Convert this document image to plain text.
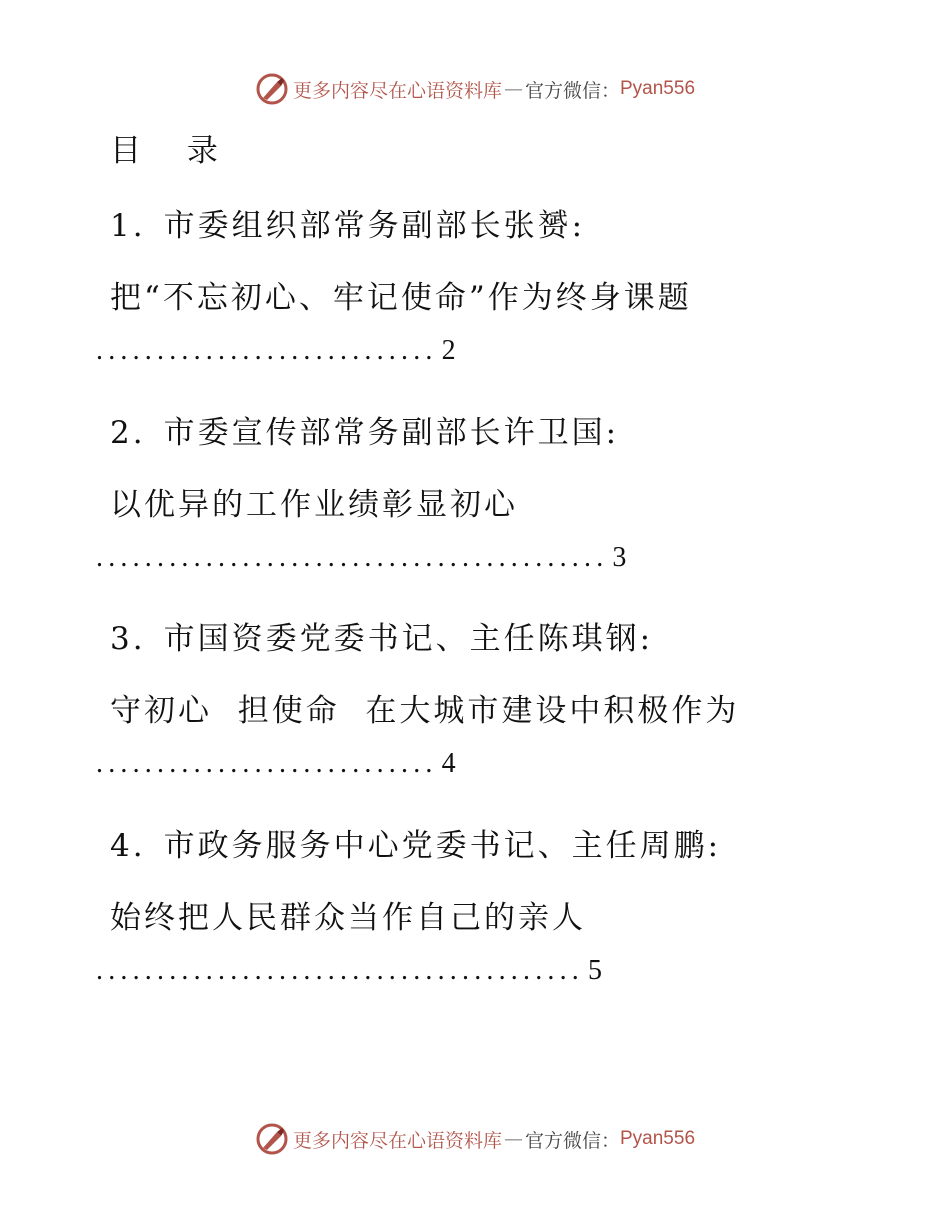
更多内容尽在心语资料库 — 官方微信： Pyan556
目 录
1. 市委组织部常务副部长张赟:
把“不忘初心、牢记使命”作为终身课题
............................ 2
2. 市委宣传部常务副部长许卫国:
以优异的工作业绩彰显初心
.......................................... 3
3. 市国资委党委书记、主任陈琪钢:
守初心  担使命  在大城市建设中积极作为
............................ 4
4. 市政务服务中心党委书记、主任周鹏:
始终把人民群众当作自己的亲人
........................................ 5
更多内容尽在心语资料库 — 官方微信： Pyan556
